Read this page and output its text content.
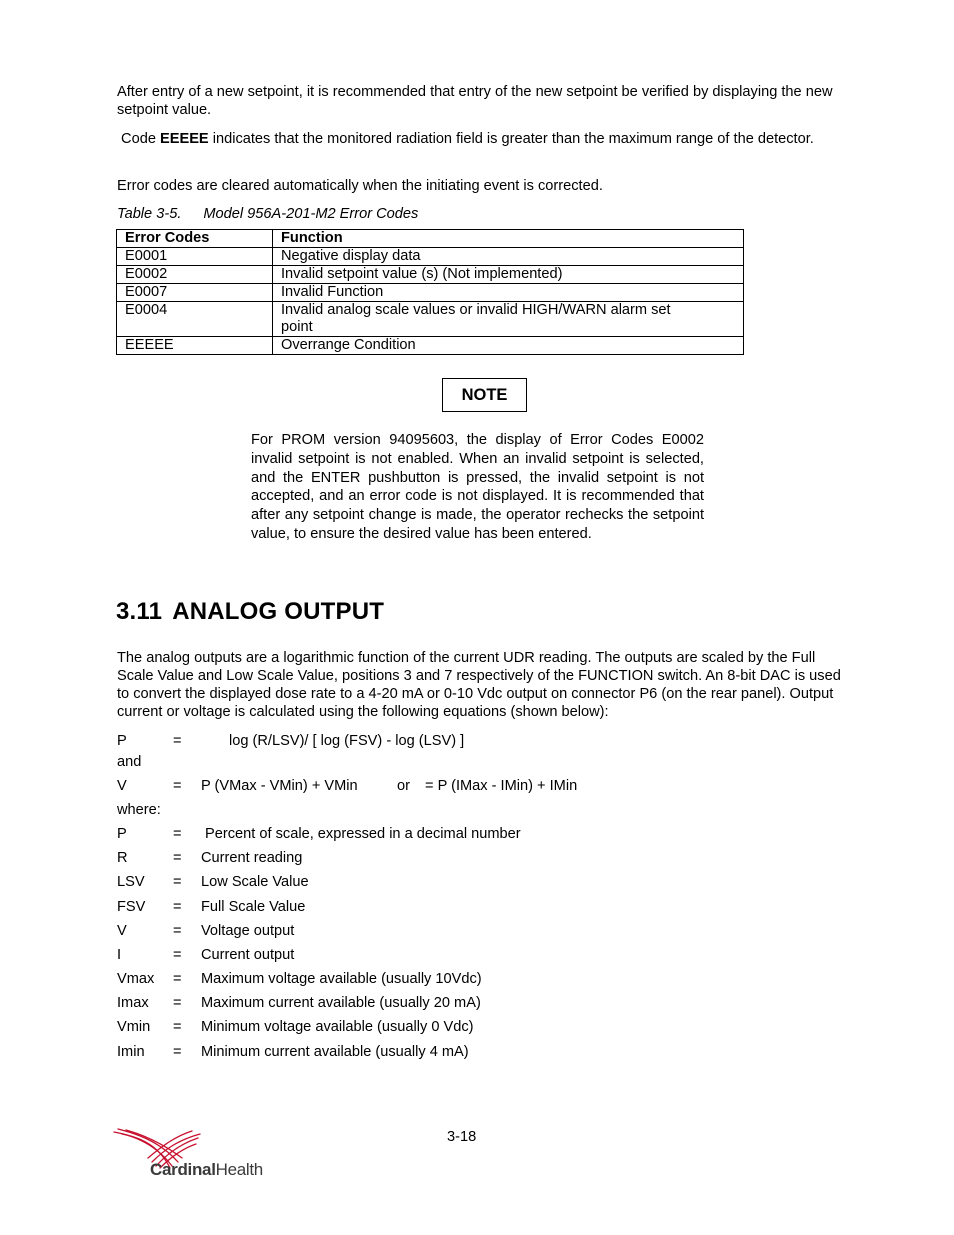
After entry of a new setpoint, it is recommended that entry of the new setpoint be verified by displaying the new setpoint value.

Code EEEEE indicates that the monitored radiation field is greater than the maximum range of the detector.

Error codes are cleared automatically when the initiating event is corrected.

Table 3-5. Model 956A-201-M2 Error Codes
Error Codes	Function
E0001	Negative display data
E0002	Invalid setpoint value (s) (Not implemented)
E0007	Invalid Function
E0004	Invalid analog scale values or invalid HIGH/WARN alarm set point
EEEEE	Overrange Condition
NOTE

For PROM version 94095603, the display of Error Codes E0002 invalid setpoint is not enabled. When an invalid setpoint is selected, and the ENTER pushbutton is pressed, the invalid setpoint is not accepted, and an error code is not displayed. It is recommended that after any setpoint change is made, the operator rechecks the setpoint value, to ensure the desired value has been entered.

3.11 ANALOG OUTPUT

The analog outputs are a logarithmic function of the current UDR reading. The outputs are scaled by the Full Scale Value and Low Scale Value, positions 3 and 7 respectively of the FUNCTION switch. An 8-bit DAC is used to convert the displayed dose rate to a 4-20 mA or 0-10 Vdc output on connector P6 (on the rear panel). Output current or voltage is calculated using the following equations (shown below):

P	=	log (R/LSV)/ [ log (FSV) - log (LSV) ]
and
V	= P (VMax - VMin) + VMin	or = P (IMax - IMin) + IMin
where:
P	= Percent of scale, expressed in a decimal number
R	= Current reading
LSV = Low Scale Value
FSV = Full Scale Value
V	= Voltage output
I	= Current output
Vmax = Maximum voltage available (usually 10Vdc)
Imax = Maximum current available (usually 20 mA)
Vmin = Minimum voltage available (usually 0 Vdc)
Imin = Minimum current available (usually 4 mA)
3-18
CardinalHealth
